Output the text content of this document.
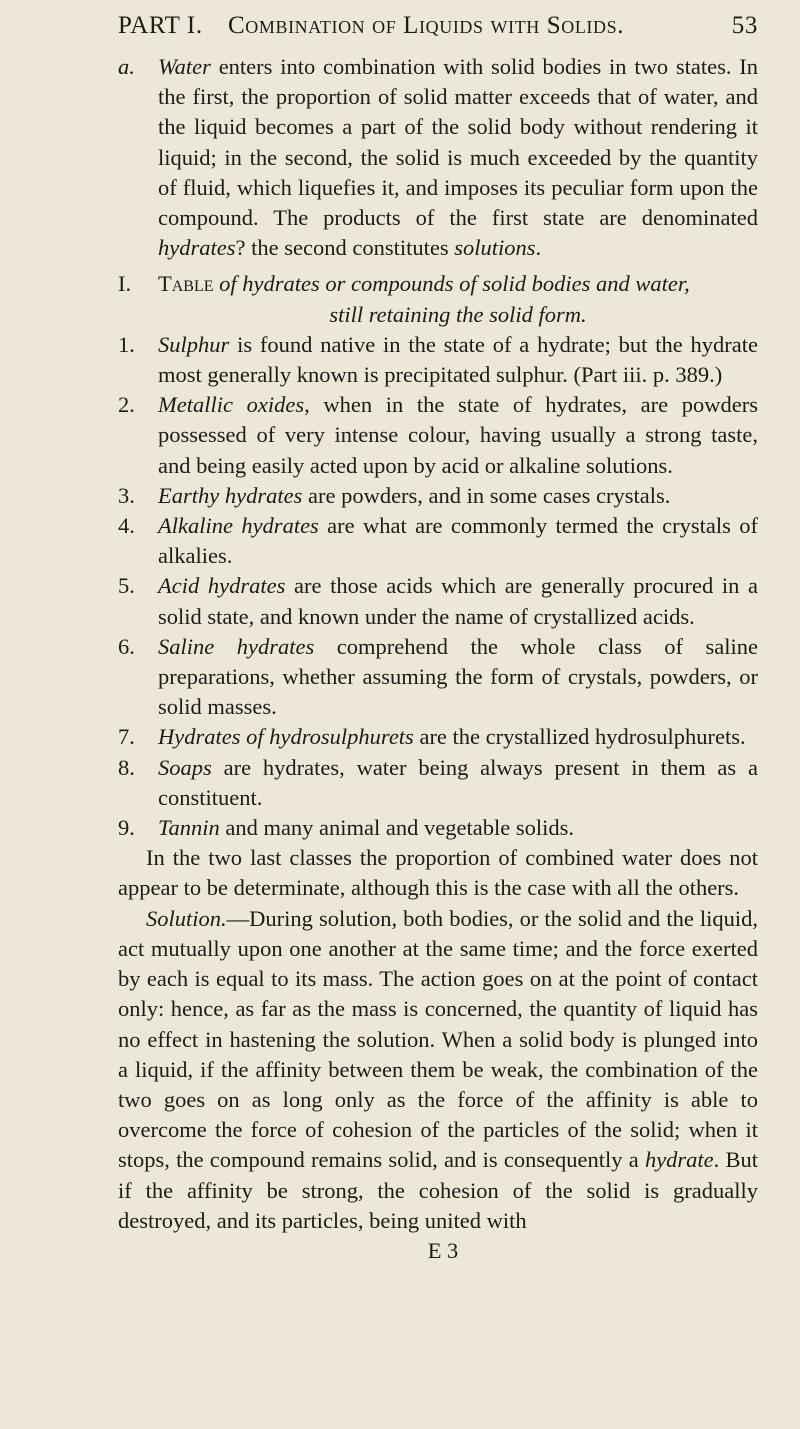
PART I. Combination of Liquids with Solids.	53

a. Water enters into combination with solid bodies in two states. In the first, the proportion of solid matter exceeds that of water, and the liquid becomes a part of the solid body without rendering it liquid; in the second, the solid is much exceeded by the quantity of fluid, which liquefies it, and imposes its peculiar form upon the compound. The products of the first state are denominated hydrates? the second constitutes solutions.

I. Table of hydrates or compounds of solid bodies and water,
still retaining the solid form.

1. Sulphur is found native in the state of a hydrate; but the hydrate most generally known is precipitated sulphur. (Part iii. p. 389.)

2. Metallic oxides, when in the state of hydrates, are powders possessed of very intense colour, having usually a strong taste, and being easily acted upon by acid or alkaline solutions.

3. Earthy hydrates are powders, and in some cases crystals.

4. Alkaline hydrates are what are commonly termed the crystals of alkalies.

5. Acid hydrates are those acids which are generally procured in a solid state, and known under the name of crystallized acids.

6. Saline hydrates comprehend the whole class of saline preparations, whether assuming the form of crystals, powders, or solid masses.

7. Hydrates of hydrosulphurets are the crystallized hydrosulphurets.

8. Soaps are hydrates, water being always present in them as a constituent.

9. Tannin and many animal and vegetable solids.

In the two last classes the proportion of combined water does not appear to be determinate, although this is the case with all the others.

Solution.—During solution, both bodies, or the solid and the liquid, act mutually upon one another at the same time; and the force exerted by each is equal to its mass. The action goes on at the point of contact only: hence, as far as the mass is concerned, the quantity of liquid has no effect in hastening the solution. When a solid body is plunged into a liquid, if the affinity between them be weak, the combination of the two goes on as long only as the force of the affinity is able to overcome the force of cohesion of the particles of the solid; when it stops, the compound remains solid, and is consequently a hydrate. But if the affinity be strong, the cohesion of the solid is gradually destroyed, and its particles, being united with

E 3
